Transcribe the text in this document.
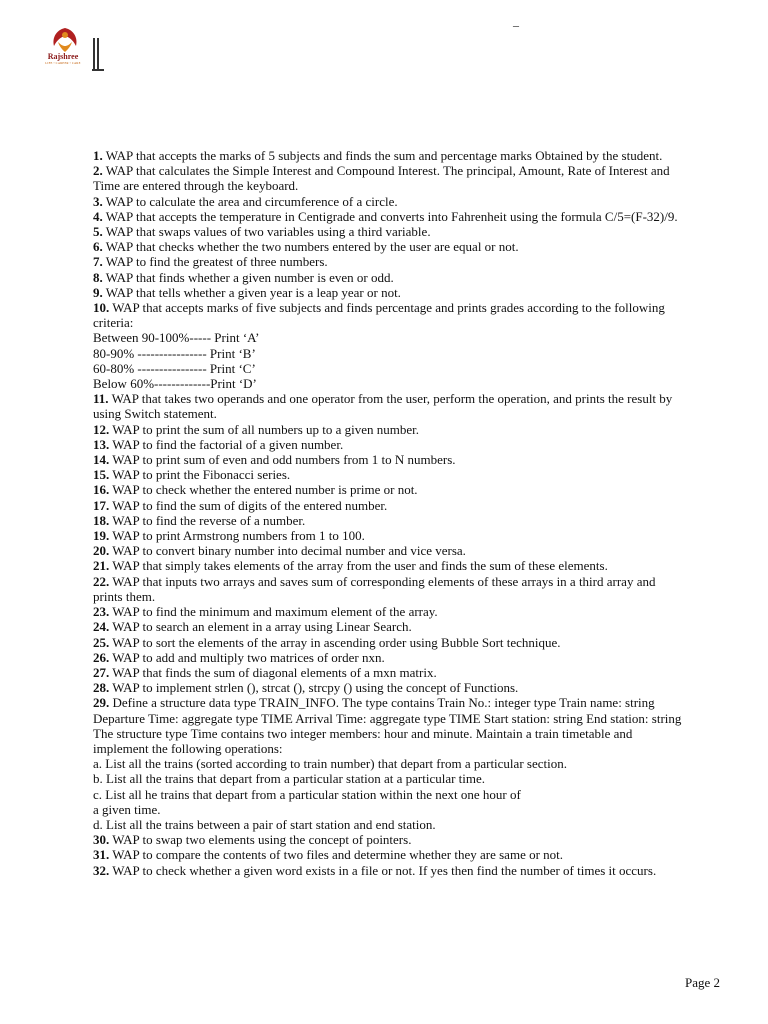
Rajshree
LIFE • CAREER • CARE
–

1. WAP that accepts the marks of 5 subjects and finds the sum and percentage marks Obtained by the student.

2. WAP that calculates the Simple Interest and Compound Interest. The principal, Amount, Rate of Interest and Time are entered through the keyboard.

3. WAP to calculate the area and circumference of a circle.

4. WAP that accepts the temperature in Centigrade and converts into Fahrenheit using the formula C/5=(F-32)/9.

5. WAP that swaps values of two variables using a third variable.

6. WAP that checks whether the two numbers entered by the user are equal or not.

7. WAP to find the greatest of three numbers.

8. WAP that finds whether a given number is even or odd.

9. WAP that tells whether a given year is a leap year or not.

10. WAP that accepts marks of five subjects and finds percentage and prints grades according to the following criteria:

Between 90-100%----- Print ‘A’

80-90% ---------------- Print ‘B’

60-80% ---------------- Print ‘C’

Below 60%-------------Print ‘D’

11. WAP that takes two operands and one operator from the user, perform the operation, and prints the result by using Switch statement.

12. WAP to print the sum of all numbers up to a given number.

13. WAP to find the factorial of a given number.

14. WAP to print sum of even and odd numbers from 1 to N numbers.

15. WAP to print the Fibonacci series.

16. WAP to check whether the entered number is prime or not.

17. WAP to find the sum of digits of the entered number.

18. WAP to find the reverse of a number.

19. WAP to print Armstrong numbers from 1 to 100.

20. WAP to convert binary number into decimal number and vice versa.

21. WAP that simply takes elements of the array from the user and finds the sum of these elements.

22. WAP that inputs two arrays and saves sum of corresponding elements of these arrays in a third array and prints them.

23. WAP to find the minimum and maximum element of the array.

24. WAP to search an element in a array using Linear Search.

25. WAP to sort the elements of the array in ascending order using Bubble Sort technique.

26. WAP to add and multiply two matrices of order nxn.

27. WAP that finds the sum of diagonal elements of a mxn matrix.

28. WAP to implement strlen (), strcat (), strcpy () using the concept of Functions.

29. Define a structure data type TRAIN_INFO. The type contains Train No.: integer type Train name: string Departure Time: aggregate type TIME Arrival Time: aggregate type TIME Start station: string End station: string The structure type Time contains two integer members: hour and minute. Maintain a train timetable and implement the following operations:

a. List all the trains (sorted according to train number) that depart from a particular section.

b. List all the trains that depart from a particular station at a particular time.

c. List all he trains that depart from a particular station within the next one hour of

a given time.

d. List all the trains between a pair of start station and end station.

30. WAP to swap two elements using the concept of pointers.

31. WAP to compare the contents of two files and determine whether they are same or not.

32. WAP to check whether a given word exists in a file or not. If yes then find the number of times it occurs.

Page 2
